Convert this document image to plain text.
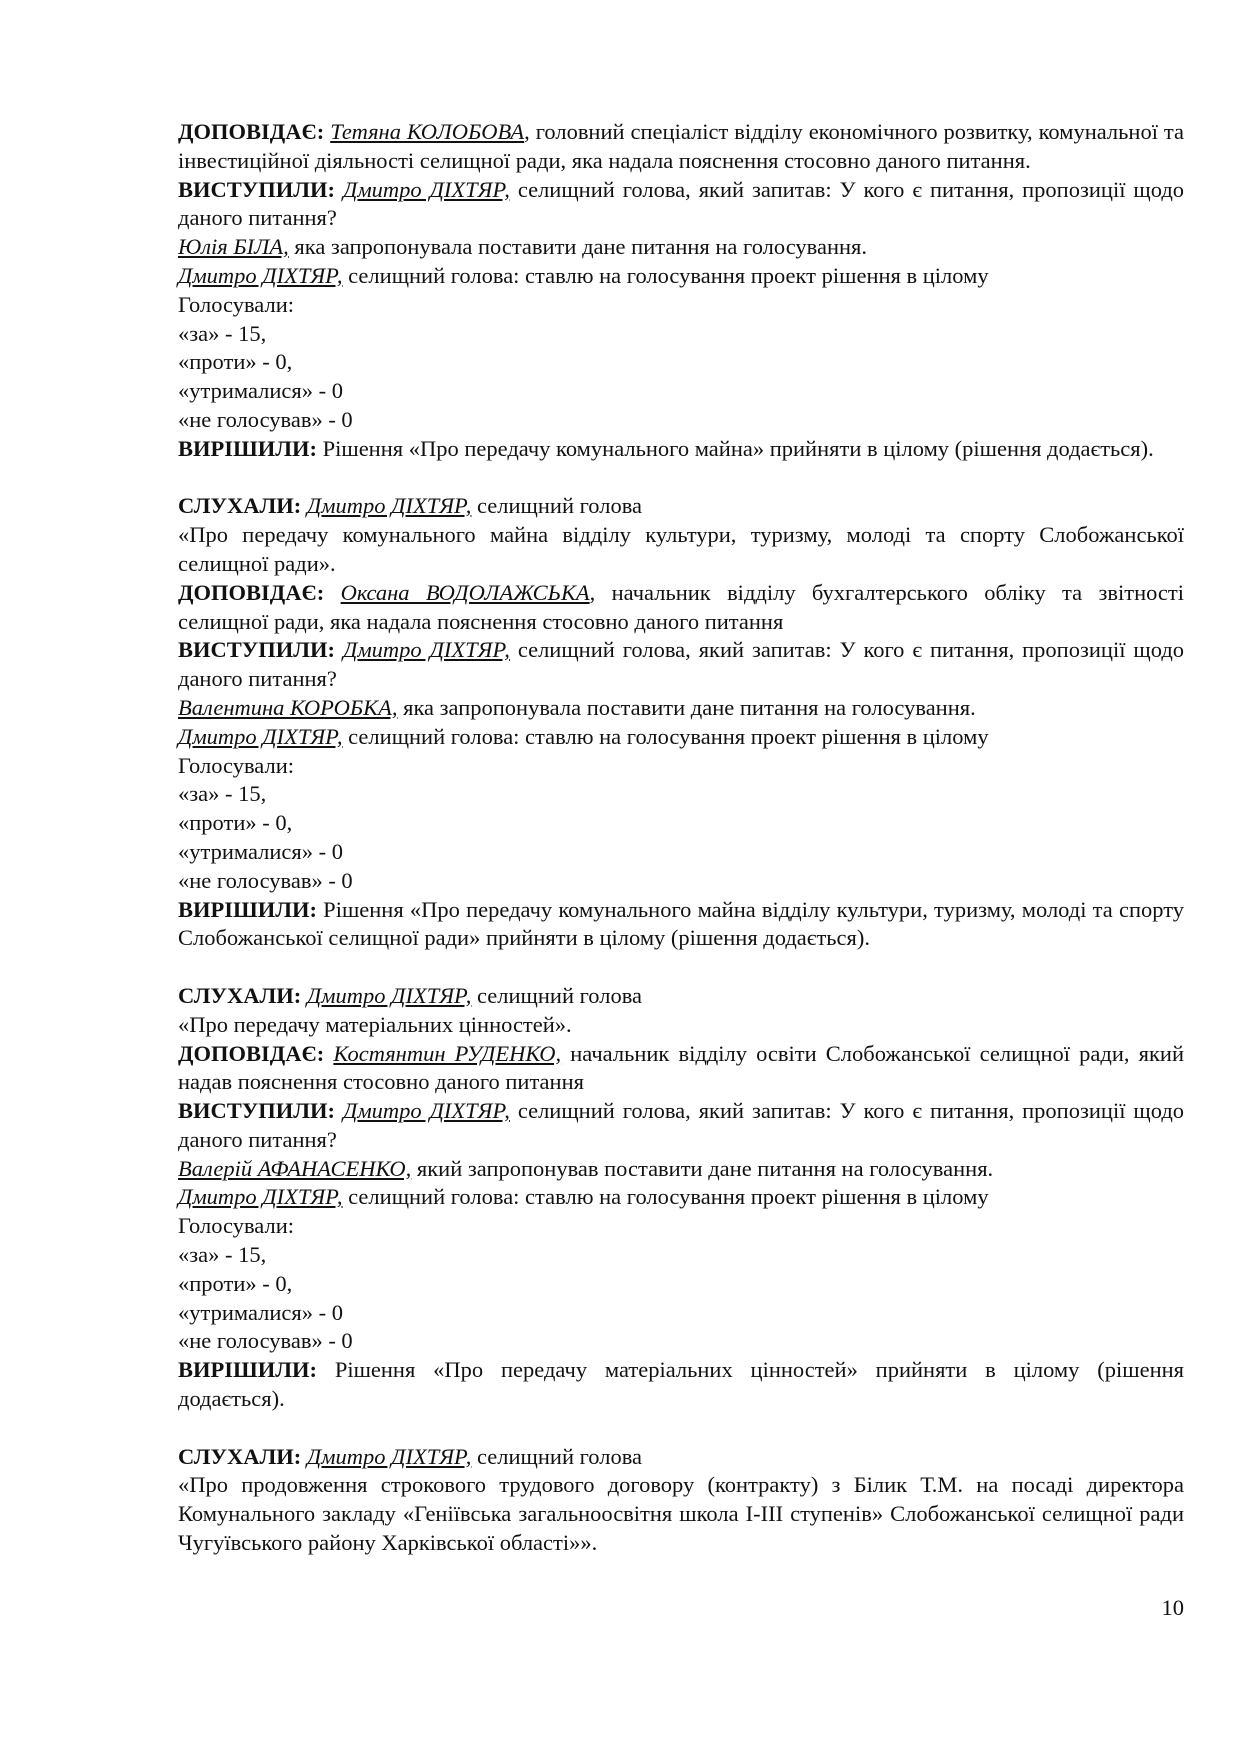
ДОПОВІДАЄ: Тетяна КОЛОБОВА, головний спеціаліст відділу економічного розвитку, комунальної та інвестиційної діяльності селищної ради, яка надала пояснення стосовно даного питання.

ВИСТУПИЛИ: Дмитро ДІХТЯР, селищний голова, який запитав: У кого є питання, пропозиції щодо даного питання?

Юлія БІЛА, яка запропонувала поставити дане питання на голосування.

Дмитро ДІХТЯР, селищний голова: ставлю на голосування проект рішення в цілому

Голосували:

«за» - 15,

«проти» - 0,

«утрималися» - 0

«не голосував» - 0

ВИРІШИЛИ: Рішення «Про передачу комунального майна» прийняти в цілому (рішення додається).

СЛУХАЛИ: Дмитро ДІХТЯР, селищний голова

«Про передачу комунального майна відділу культури, туризму, молоді та спорту Слобожанської селищної ради».

ДОПОВІДАЄ: Оксана ВОДОЛАЖСЬКА, начальник відділу бухгалтерського обліку та звітності селищної ради, яка надала пояснення стосовно даного питання

ВИСТУПИЛИ: Дмитро ДІХТЯР, селищний голова, який запитав: У кого є питання, пропозиції щодо даного питання?

Валентина КОРОБКА, яка запропонувала поставити дане питання на голосування.

Дмитро ДІХТЯР, селищний голова: ставлю на голосування проект рішення в цілому

Голосували:

«за» - 15,

«проти» - 0,

«утрималися» - 0

«не голосував» - 0

ВИРІШИЛИ: Рішення «Про передачу комунального майна відділу культури, туризму, молоді та спорту Слобожанської селищної ради» прийняти в цілому (рішення додається).

СЛУХАЛИ: Дмитро ДІХТЯР, селищний голова

«Про передачу матеріальних цінностей».

ДОПОВІДАЄ: Костянтин РУДЕНКО, начальник відділу освіти Слобожанської селищної ради, який надав пояснення стосовно даного питання

ВИСТУПИЛИ: Дмитро ДІХТЯР, селищний голова, який запитав: У кого є питання, пропозиції щодо даного питання?

Валерій АФАНАСЕНКО, який запропонував поставити дане питання на голосування.

Дмитро ДІХТЯР, селищний голова: ставлю на голосування проект рішення в цілому

Голосували:

«за» - 15,

«проти» - 0,

«утрималися» - 0

«не голосував» - 0

ВИРІШИЛИ: Рішення «Про передачу матеріальних цінностей» прийняти в цілому (рішення додається).

СЛУХАЛИ: Дмитро ДІХТЯР, селищний голова

«Про продовження строкового трудового договору (контракту) з Білик Т.М. на посаді директора Комунального закладу «Геніївська загальноосвітня школа І-ІІІ ступенів» Слобожанської селищної ради Чугуївського району Харківської області»».

10
